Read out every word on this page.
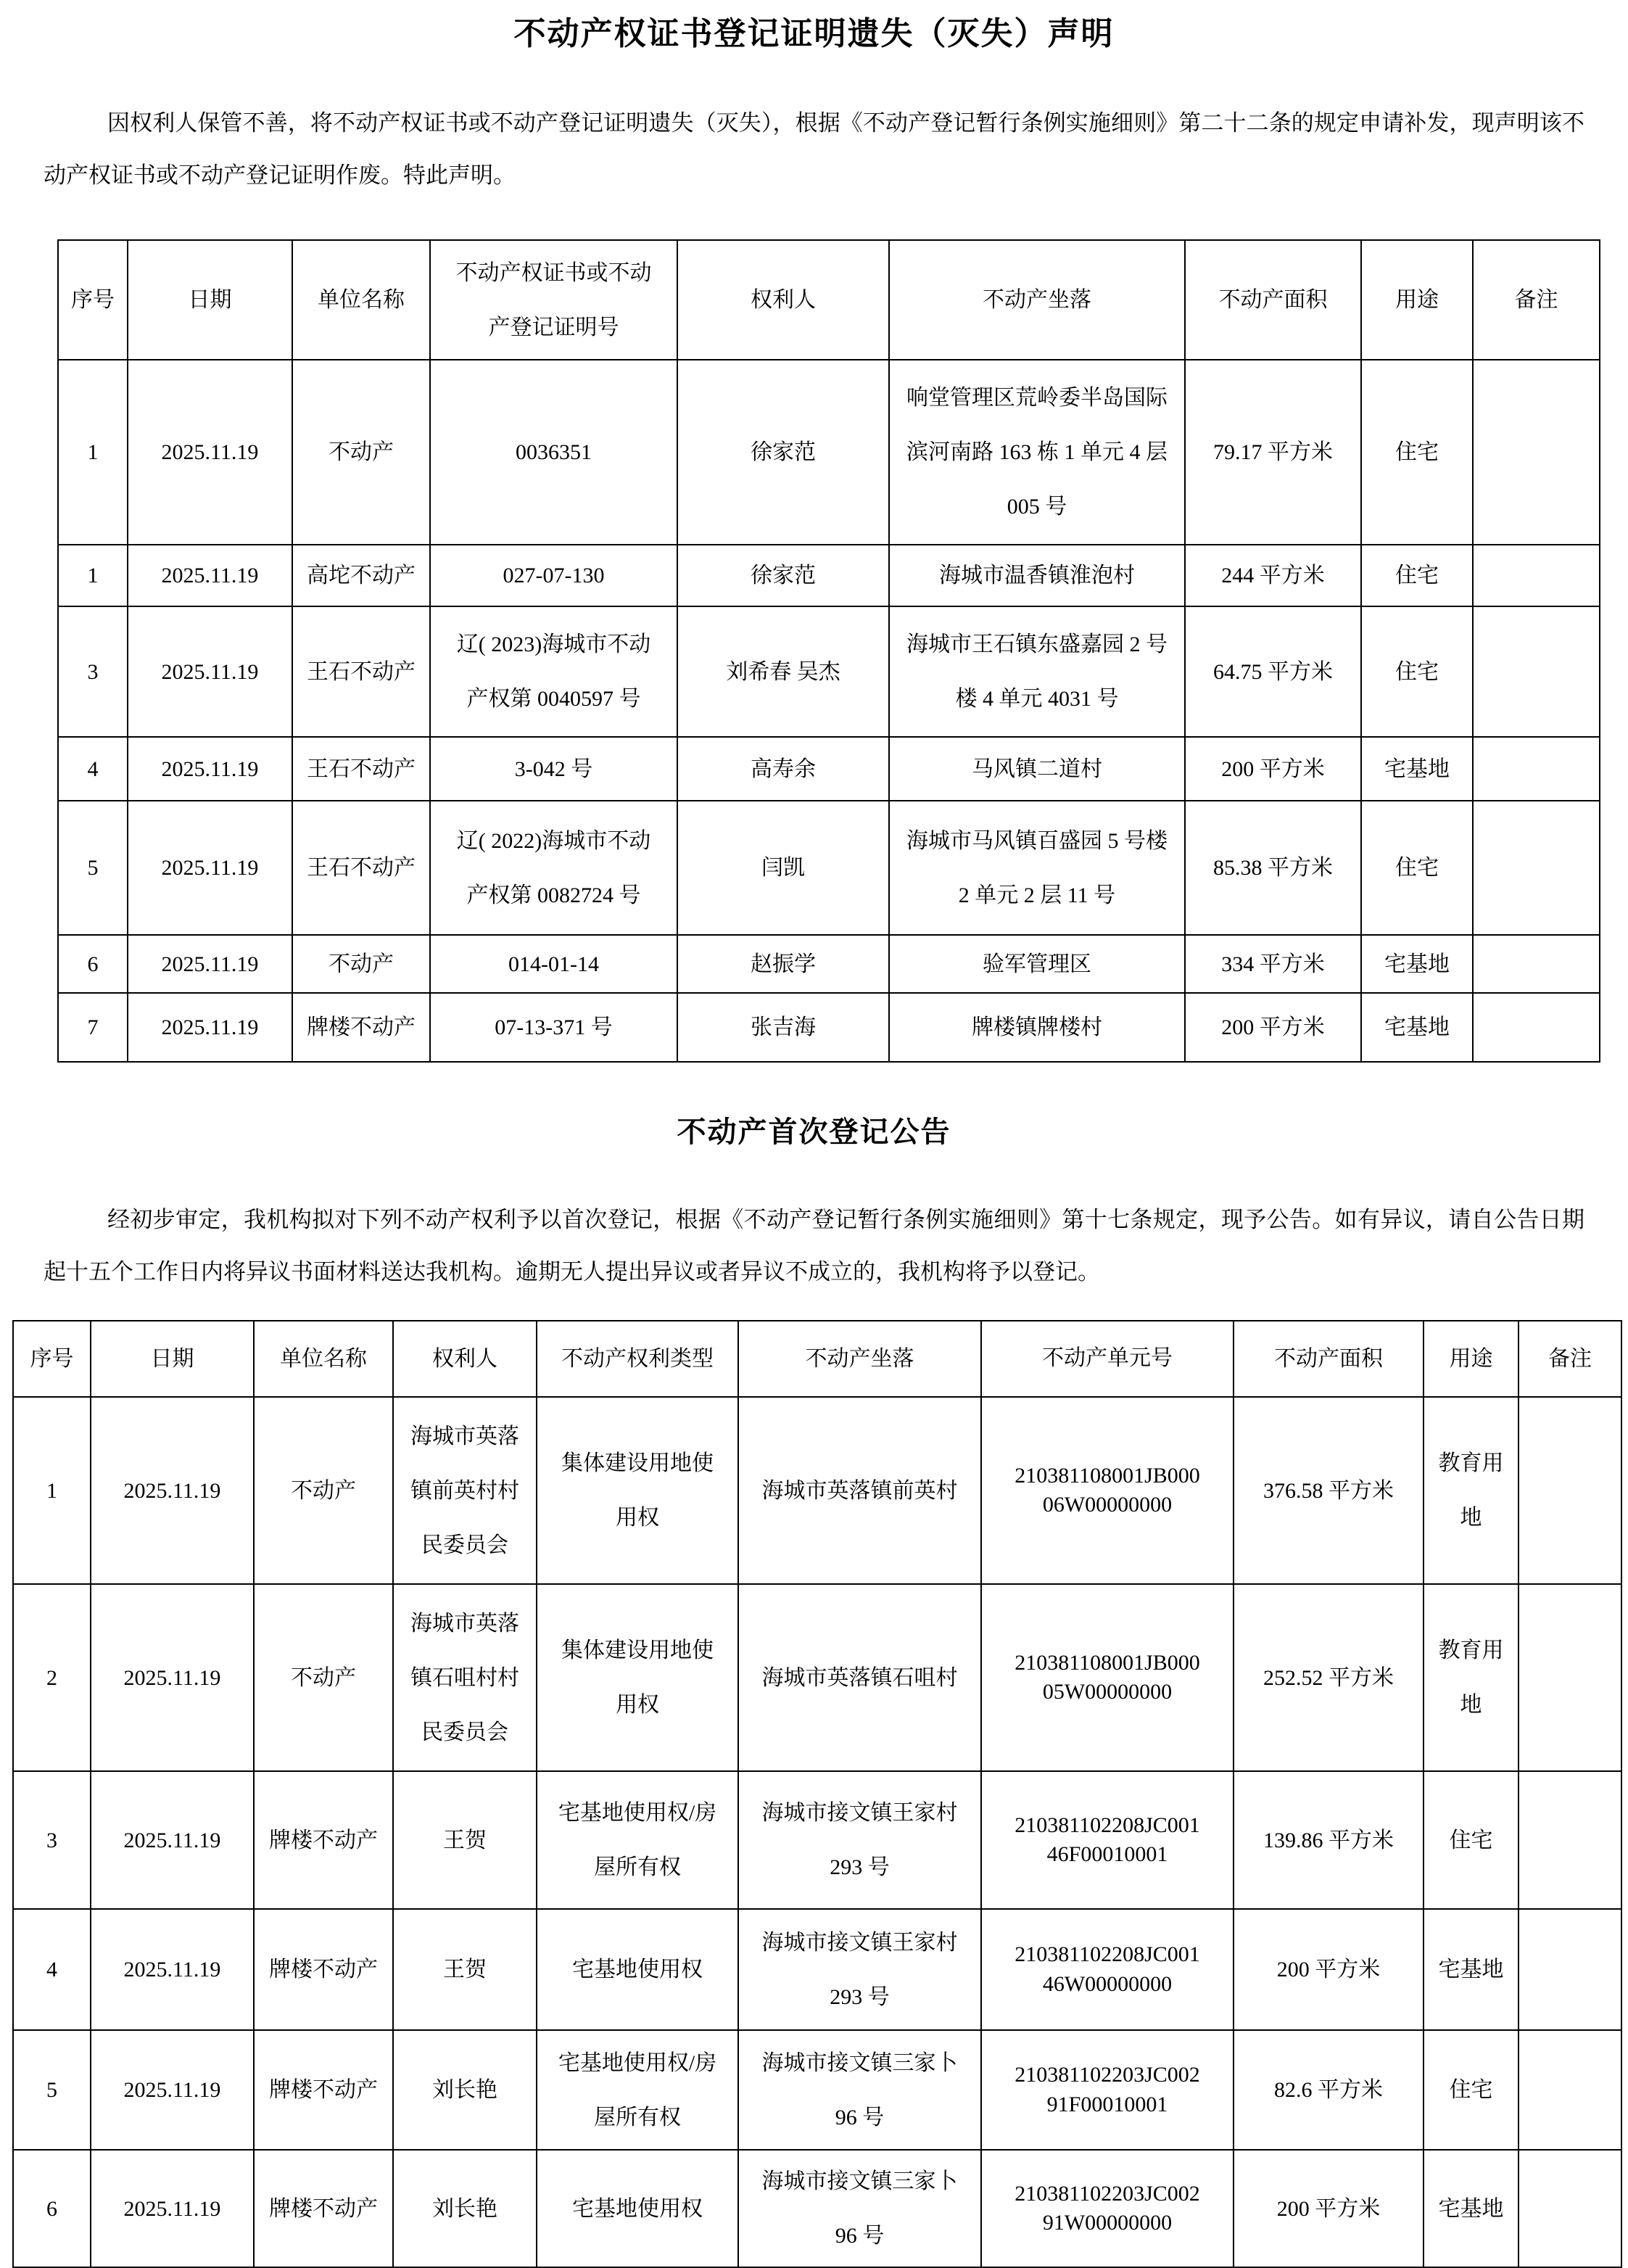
不动产权证书登记证明遗失（灭失）声明

因权利人保管不善，将不动产权证书或不动产登记证明遗失（灭失），根据《不动产登记暂行条例实施细则》第二十二条的规定申请补发，现声明该不动产权证书或不动产登记证明作废。特此声明。

序号	日期	单位名称	不动产权证书或不动产登记证明号	权利人	不动产坐落	不动产面积	用途	备注
1	2025.11.19	不动产	0036351	徐家范	响堂管理区荒岭委半岛国际滨河南路 163 栋 1 单元 4 层 005 号	79.17 平方米	住宅	
1	2025.11.19	高坨不动产	027-07-130	徐家范	海城市温香镇淮泡村	244 平方米	住宅	
3	2025.11.19	王石不动产	辽( 2023)海城市不动产权第 0040597 号	刘希春 吴杰	海城市王石镇东盛嘉园 2 号楼 4 单元 4031 号	64.75 平方米	住宅	
4	2025.11.19	王石不动产	3-042 号	高寿余	马风镇二道村	200 平方米	宅基地	
5	2025.11.19	王石不动产	辽( 2022)海城市不动产权第 0082724 号	闫凯	海城市马风镇百盛园 5 号楼 2 单元 2 层 11 号	85.38 平方米	住宅	
6	2025.11.19	不动产	014-01-14	赵振学	验军管理区	334 平方米	宅基地	
7	2025.11.19	牌楼不动产	07-13-371 号	张吉海	牌楼镇牌楼村	200 平方米	宅基地	
不动产首次登记公告

经初步审定，我机构拟对下列不动产权利予以首次登记，根据《不动产登记暂行条例实施细则》第十七条规定，现予公告。如有异议，请自公告日期起十五个工作日内将异议书面材料送达我机构。逾期无人提出异议或者异议不成立的，我机构将予以登记。

序号	日期	单位名称	权利人	不动产权利类型	不动产坐落	不动产单元号	不动产面积	用途	备注
1	2025.11.19	不动产	海城市英落镇前英村村民委员会	集体建设用地使用权	海城市英落镇前英村	210381108001JB00006W00000000	376.58 平方米	教育用地	
2	2025.11.19	不动产	海城市英落镇石咀村村民委员会	集体建设用地使用权	海城市英落镇石咀村	210381108001JB00005W00000000	252.52 平方米	教育用地	
3	2025.11.19	牌楼不动产	王贺	宅基地使用权/房屋所有权	海城市接文镇王家村 293 号	210381102208JC00146F00010001	139.86 平方米	住宅	
4	2025.11.19	牌楼不动产	王贺	宅基地使用权	海城市接文镇王家村 293 号	210381102208JC00146W00000000	200 平方米	宅基地	
5	2025.11.19	牌楼不动产	刘长艳	宅基地使用权/房屋所有权	海城市接文镇三家卜 96 号	210381102203JC00291F00010001	82.6 平方米	住宅	
6	2025.11.19	牌楼不动产	刘长艳	宅基地使用权	海城市接文镇三家卜 96 号	210381102203JC00291W00000000	200 平方米	宅基地	
